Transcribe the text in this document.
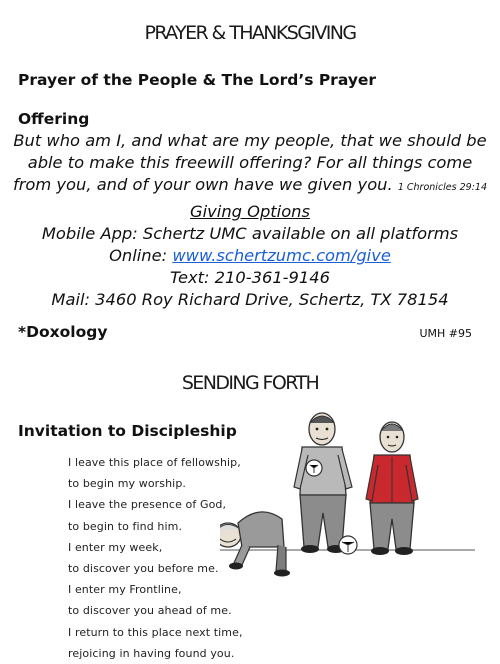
PRAYER & THANKSGIVING
Prayer of the People & The Lord’s Prayer
Offering
But who am I, and what are my people, that we should be
able to make this freewill offering? For all things come
from you, and of your own have we given you. 1 Chronicles 29:14
Giving Options
Mobile App: Schertz UMC available on all platforms
Online: www.schertzumc.com/give
Text: 210-361-9146
Mail: 3460 Roy Richard Drive, Schertz, TX 78154
*Doxology	UMH #95
SENDING FORTH
Invitation to Discipleship
I leave this place of fellowship,
to begin my worship.
I leave the presence of God,
to begin to find him.
I enter my week,
to discover you before me.
I enter my Frontline,
to discover you ahead of me.
I return to this place next time,
rejoicing in having found you.
